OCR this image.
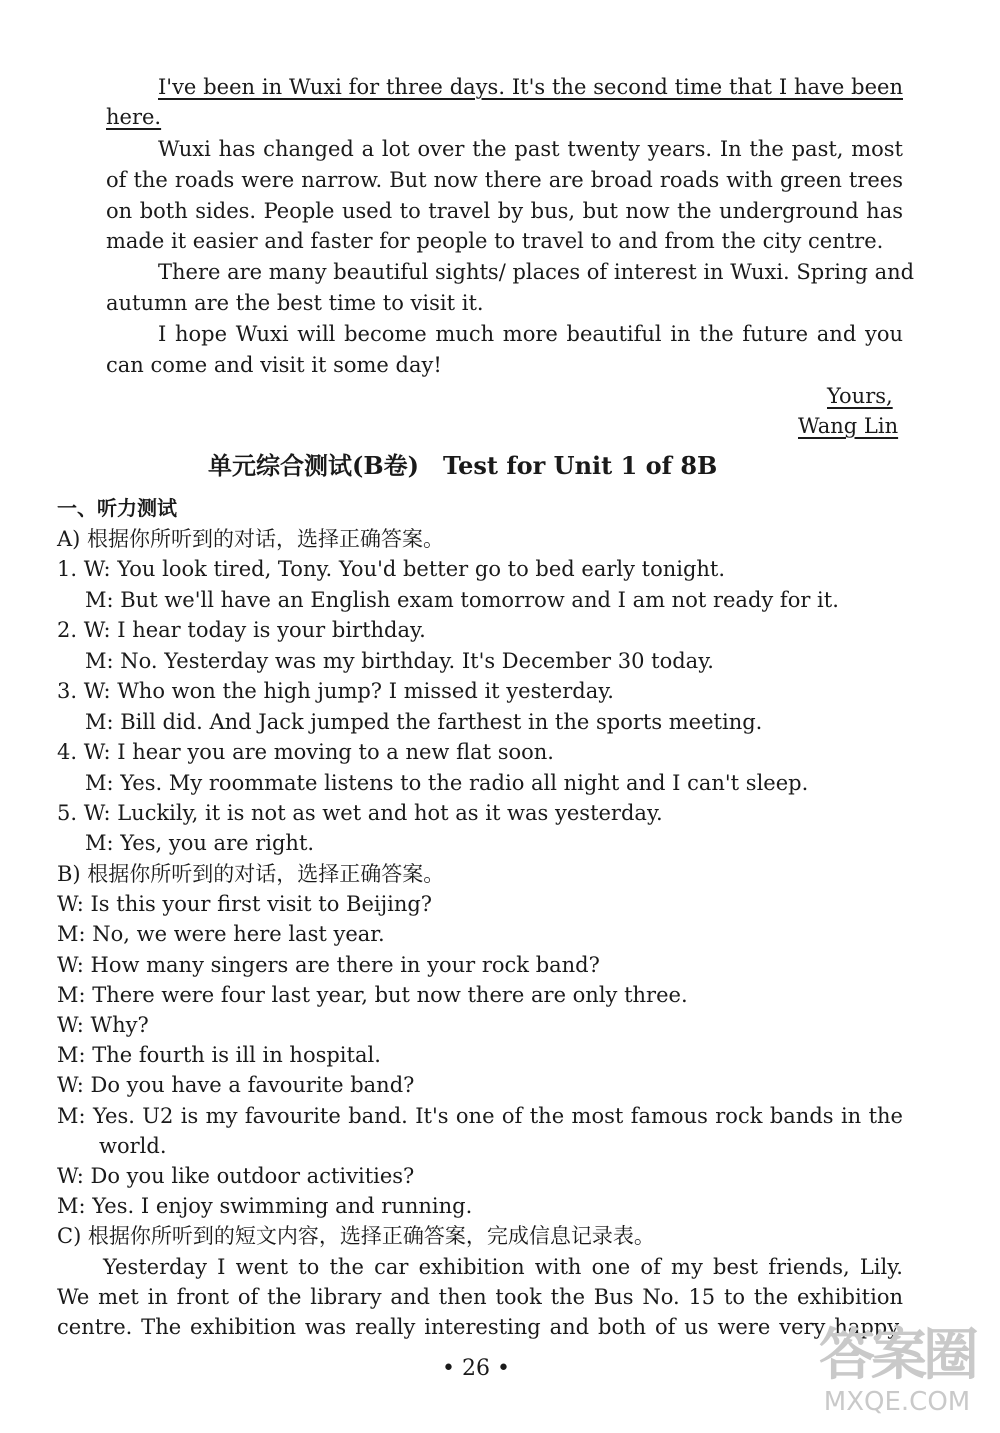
I've been in Wuxi for three days. It's the second time that I have been
here.
Wuxi has changed a lot over the past twenty years. In the past, most
of the roads were narrow. But now there are broad roads with green trees
on both sides. People used to travel by bus, but now the underground has
made it easier and faster for people to travel to and from the city centre.
There are many beautiful sights/ places of interest in Wuxi. Spring and
autumn are the best time to visit it.
I hope Wuxi will become much more beautiful in the future and you
can come and visit it some day!
Yours,
Wang Lin
单元综合测试(B卷)　Test for Unit 1 of 8B
一、听力测试
A) 根据你所听到的对话，选择正确答案。
1. W: You look tired, Tony. You'd better go to bed early tonight.
M: But we'll have an English exam tomorrow and I am not ready for it.
2. W: I hear today is your birthday.
M: No. Yesterday was my birthday. It's December 30 today.
3. W: Who won the high jump? I missed it yesterday.
M: Bill did. And Jack jumped the farthest in the sports meeting.
4. W: I hear you are moving to a new flat soon.
M: Yes. My roommate listens to the radio all night and I can't sleep.
5. W: Luckily, it is not as wet and hot as it was yesterday.
M: Yes, you are right.
B) 根据你所听到的对话，选择正确答案。
W: Is this your first visit to Beijing?
M: No, we were here last year.
W: How many singers are there in your rock band?
M: There were four last year, but now there are only three.
W: Why?
M: The fourth is ill in hospital.
W: Do you have a favourite band?
M: Yes. U2 is my favourite band. It's one of the most famous rock bands in the
world.
W: Do you like outdoor activities?
M: Yes. I enjoy swimming and running.
C) 根据你所听到的短文内容，选择正确答案，完成信息记录表。
Yesterday I went to the car exhibition with one of my best friends, Lily.
We met in front of the library and then took the Bus No. 15 to the exhibition
centre. The exhibition was really interesting and both of us were very happy.
• 26 •	答案圈
MXQE.COM
